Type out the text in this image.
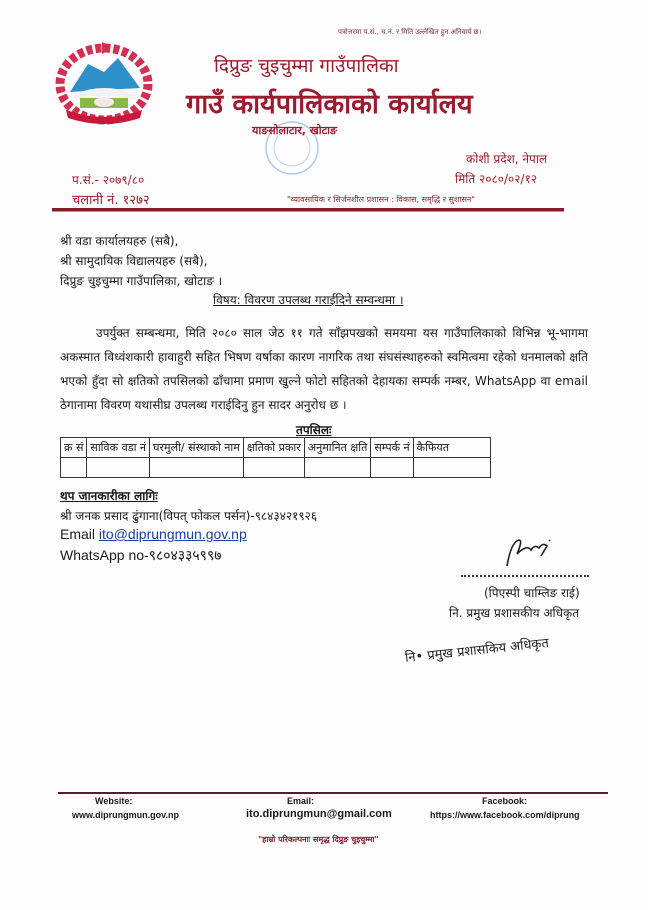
पत्रोत्तरमा प.सं., च.नं. र मिति उल्लेखित हुन अनिवार्य छ।
दिप्रुङ चुइचुम्मा गाउँपालिका
गाउँ कार्यपालिकाको कार्यालय
याङसोलाटार, खोटाङ
प.सं.- २०७९/८०
चलानी नं. १२७२
कोशी प्रदेश, नेपाल
मिति २०८०/०२/१२
"व्यावसायिक र सिर्जनशील प्रशासन : विकास, समृद्धि र सुशासन"
श्री वडा कार्यालयहरु (सबै),
श्री सामुदायिक विद्यालयहरु (सबै),
दिप्रुङ चुइचुम्मा गाउँपालिका, खोटाङ ।
विषय: विवरण उपलब्ध गराईदिने सम्वन्धमा ।
उपर्युक्त सम्बन्धमा, मिति २०८० साल जेठ ११ गते साँझपखको समयमा यस गाउँपालिकाको विभिन्न भू-भागमा अकस्मात विध्वंशकारी हावाहुरी सहित भिषण वर्षाका कारण नागरिक तथा संघसंस्थाहरुको स्वमित्वमा रहेको धनमालको क्षति भएको हुँदा सो क्षतिको तपसिलको ढाँचामा प्रमाण खुल्ने फोटो सहितको देहायका सम्पर्क नम्बर, WhatsApp वा email ठेगानामा विवरण यथासीघ्र उपलब्ध गराईदिनु हुन सादर अनुरोध छ ।
तपसिलः
क्र सं	साविक वडा नं	घरमुली/ संस्थाको नाम	क्षतिको प्रकार	अनुमानित क्षति	सम्पर्क नं	कैफियत

थप जानकारीका लागिः
श्री जनक प्रसाद ढुंगाना(विपत् फोकल पर्सन)-९८४३४२१९२६
Email ito@diprungmun.gov.np
WhatsApp no-९८०४३३५९९७
(पिएस्पी चाम्लिङ राई)
नि. प्रमुख प्रशासकीय अधिकृत
नि• प्रमुख प्रशासकिय अधिकृत
Website:
www.diprungmun.gov.np
Email:
ito.diprungmun@gmail.com
Facebook:
https://www.facebook.com/diprung
"हाम्रो परिकल्पनाः समृद्ध दिप्रुङ चुइचुम्मा"
